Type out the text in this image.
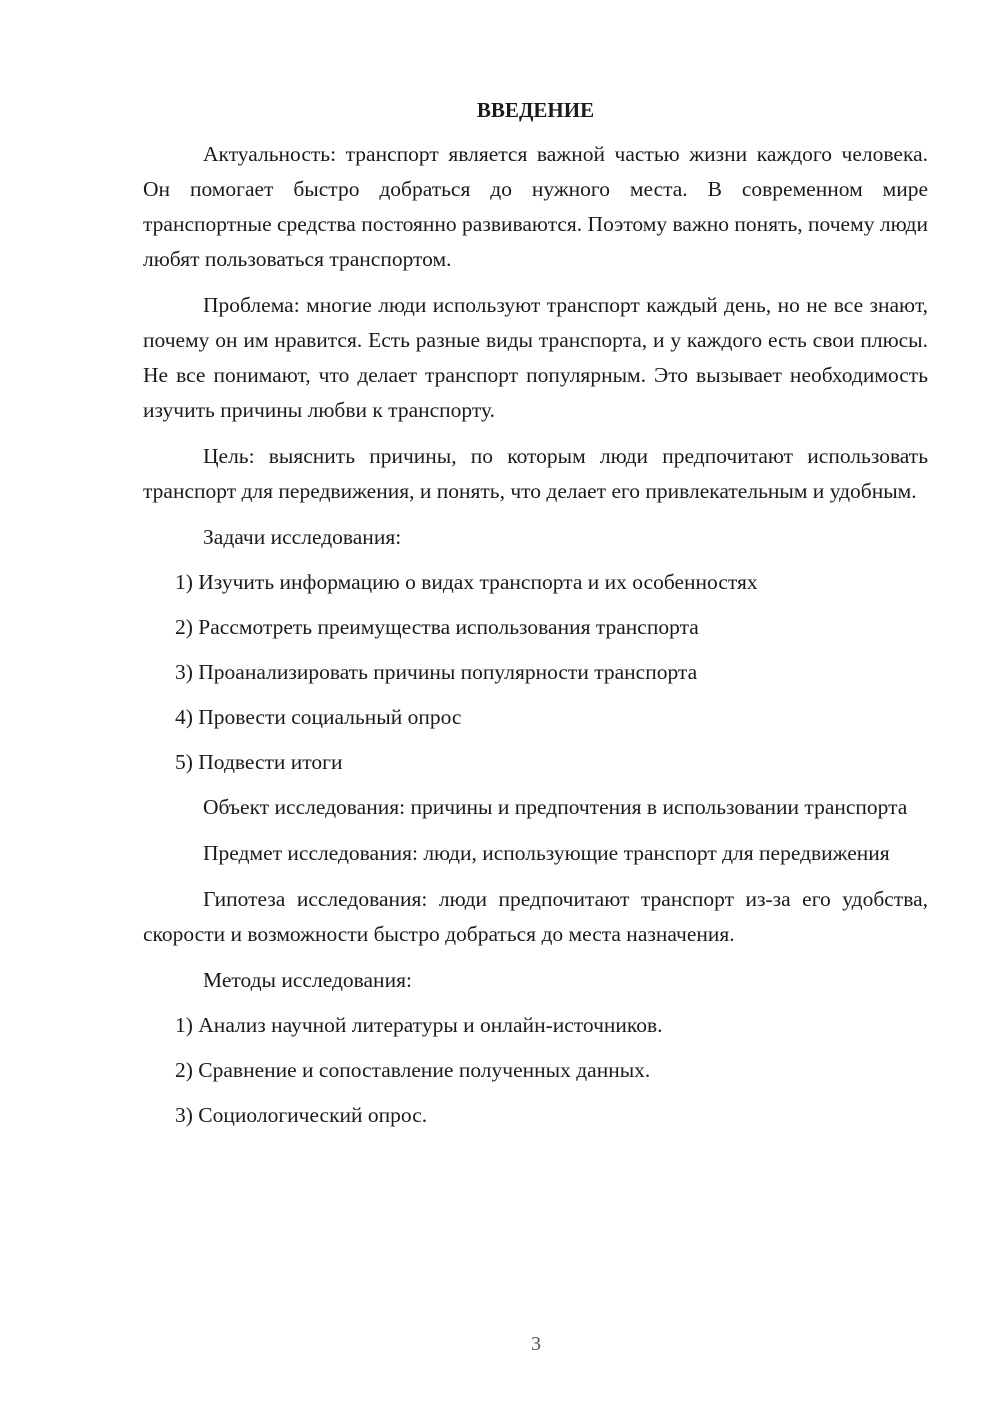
ВВЕДЕНИЕ

Актуальность: транспорт является важной частью жизни каждого человека. Он помогает быстро добраться до нужного места. В современном мире транспортные средства постоянно развиваются. Поэтому важно понять, почему люди любят пользоваться транспортом.

Проблема: многие люди используют транспорт каждый день, но не все знают, почему он им нравится. Есть разные виды транспорта, и у каждого есть свои плюсы. Не все понимают, что делает транспорт популярным. Это вызывает необходимость изучить причины любви к транспорту.

Цель: выяснить причины, по которым люди предпочитают использовать транспорт для передвижения, и понять, что делает его привлекательным и удобным.

Задачи исследования:

1) Изучить информацию о видах транспорта и их особенностях
2) Рассмотреть преимущества использования транспорта
3) Проанализировать причины популярности транспорта
4) Провести социальный опрос
5) Подвести итоги

Объект исследования: причины и предпочтения в использовании транспорта

Предмет исследования: люди, использующие транспорт для передвижения

Гипотеза исследования: люди предпочитают транспорт из-за его удобства, скорости и возможности быстро добраться до места назначения.

Методы исследования:

1) Анализ научной литературы и онлайн-источников.
2) Сравнение и сопоставление полученных данных.
3) Социологический опрос.
3
